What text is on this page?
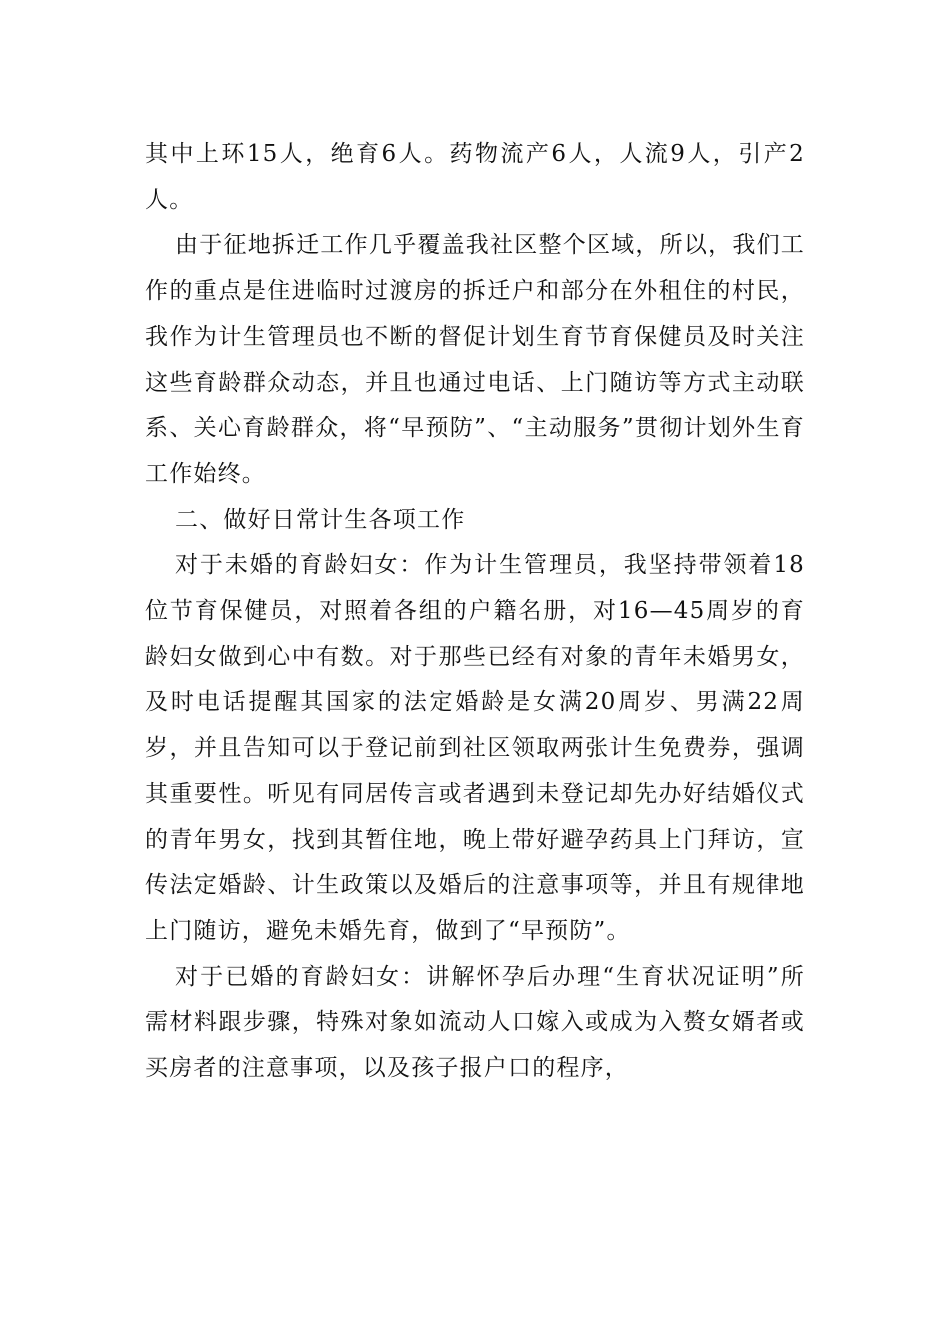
其中上环15人，绝育6人。药物流产6人，人流9人，引产2人。

由于征地拆迁工作几乎覆盖我社区整个区域，所以，我们工作的重点是住进临时过渡房的拆迁户和部分在外租住的村民，我作为计生管理员也不断的督促计划生育节育保健员及时关注这些育龄群众动态，并且也通过电话、上门随访等方式主动联系、关心育龄群众，将“早预防”、“主动服务”贯彻计划外生育工作始终。

二、做好日常计生各项工作

对于未婚的育龄妇女：作为计生管理员，我坚持带领着18位节育保健员，对照着各组的户籍名册，对16—45周岁的育龄妇女做到心中有数。对于那些已经有对象的青年未婚男女，及时电话提醒其国家的法定婚龄是女满20周岁、男满22周岁，并且告知可以于登记前到社区领取两张计生免费券，强调其重要性。听见有同居传言或者遇到未登记却先办好结婚仪式的青年男女，找到其暂住地，晚上带好避孕药具上门拜访，宣传法定婚龄、计生政策以及婚后的注意事项等，并且有规律地上门随访，避免未婚先育，做到了“早预防”。

对于已婚的育龄妇女：讲解怀孕后办理“生育状况证明”所需材料跟步骤，特殊对象如流动人口嫁入或成为入赘女婿者或买房者的注意事项，以及孩子报户口的程序，
